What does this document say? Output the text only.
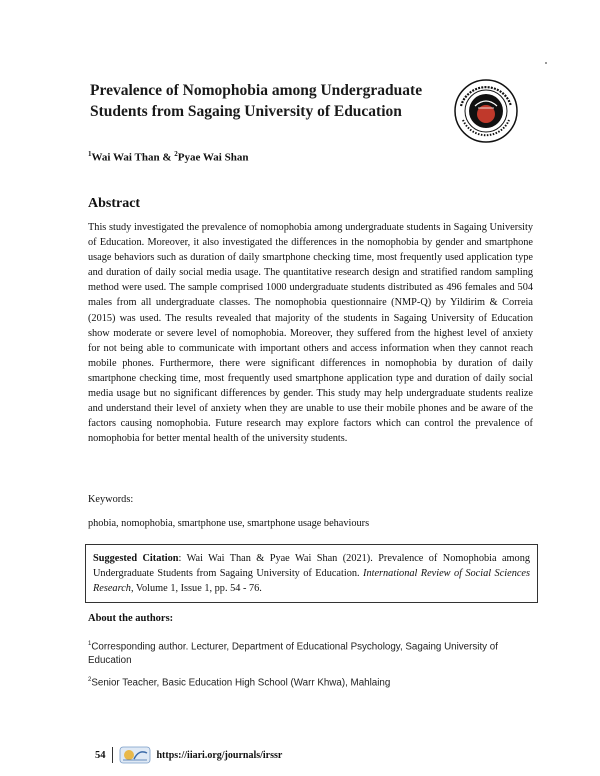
Prevalence of Nomophobia among Undergraduate Students from Sagaing University of Education
$^1$Wai Wai Than & $^2$Pyae Wai Shan
Abstract

This study investigated the prevalence of nomophobia among undergraduate students in Sagaing University of Education. Moreover, it also investigated the differences in the nomophobia by gender and smartphone usage behaviors such as duration of daily smartphone checking time, most frequently used application type and duration of daily social media usage. The quantitative research design and stratified random sampling method were used. The sample comprised 1000 undergraduate students distributed as 496 females and 504 males from all undergraduate classes. The nomophobia questionnaire (NMP-Q) by Yildirim & Correia (2015) was used. The results revealed that majority of the students in Sagaing University of Education show moderate or severe level of nomophobia. Moreover, they suffered from the highest level of anxiety for not being able to communicate with important others and access information when they cannot reach mobile phones. Furthermore, there were significant differences in nomophobia by duration of daily smartphone checking time, most frequently used smartphone application type and duration of daily social media usage but no significant differences by gender. This study may help undergraduate students realize and understand their level of anxiety when they are unable to use their mobile phones and be aware of the factors causing nomophobia. Future research may explore factors which can control the prevalence of nomophobia for better mental health of the university students.

Keywords:
phobia, nomophobia, smartphone use, smartphone usage behaviours
Suggested Citation: Wai Wai Than & Pyae Wai Shan (2021). Prevalence of Nomophobia among Undergraduate Students from Sagaing University of Education. International Review of Social Sciences Research, Volume 1, Issue 1, pp. 54 - 76.
About the authors:
$^1$Corresponding author. Lecturer, Department of Educational Psychology, Sagaing University of Education
$^2$Senior Teacher, Basic Education High School (Warr Khwa), Mahlaing
54	https://iiari.org/journals/irssr
